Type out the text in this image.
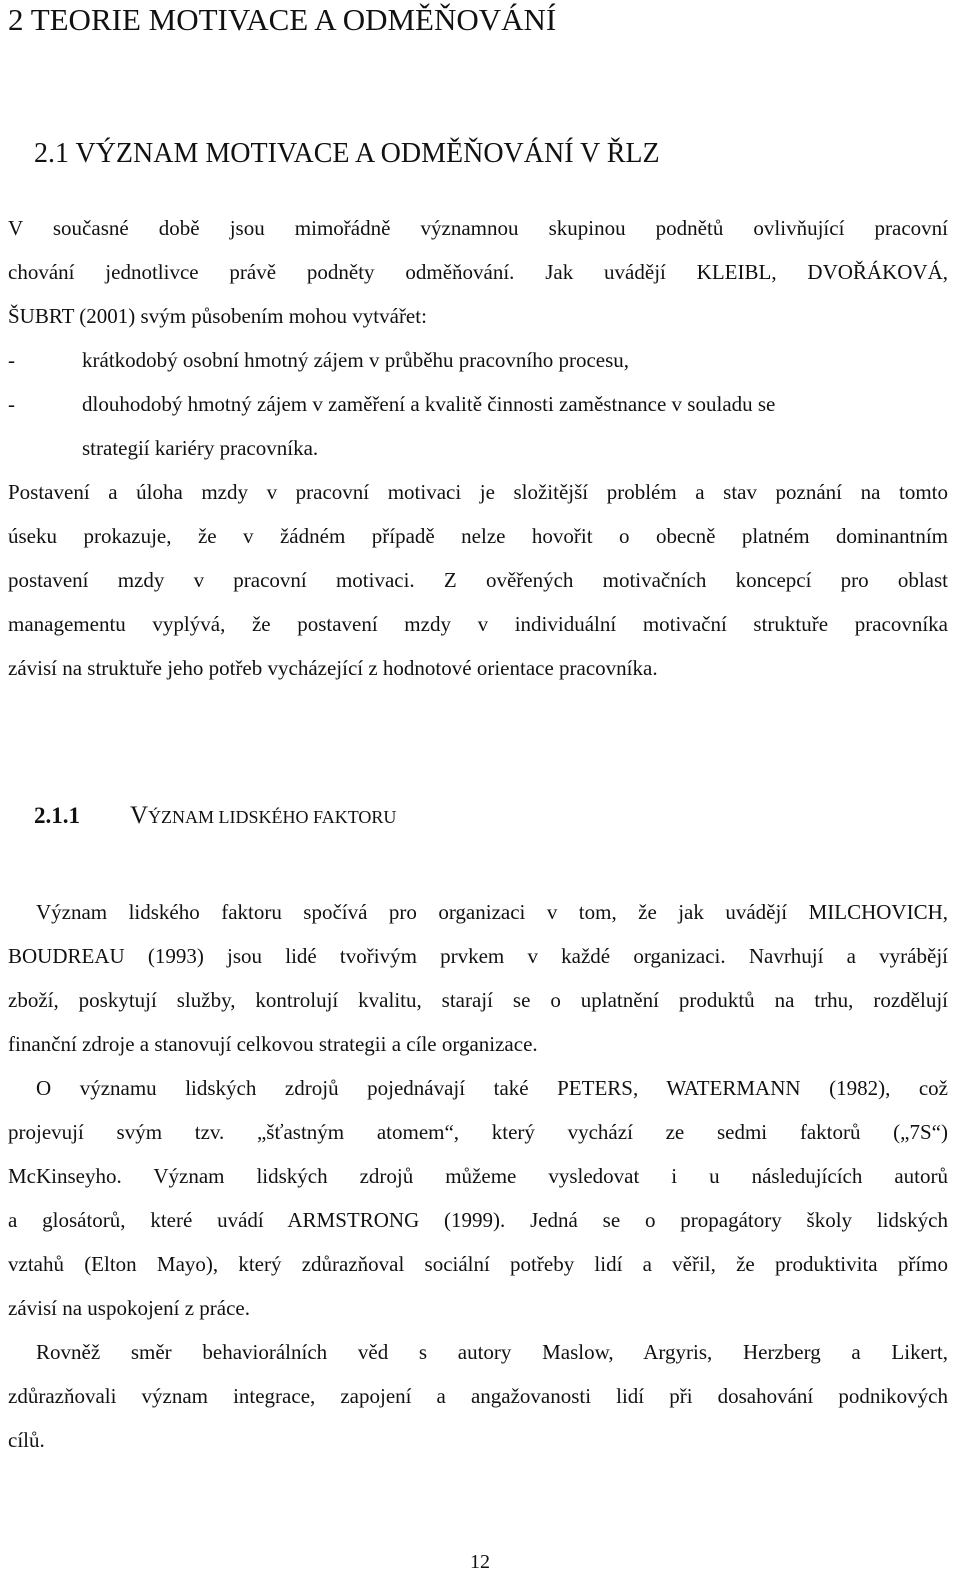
2 TEORIE MOTIVACE A ODMĚŇOVÁNÍ
2.1 VÝZNAM MOTIVACE A ODMĚŇOVÁNÍ V ŘLZ
V současné době jsou mimořádně významnou skupinou podnětů ovlivňující pracovní
chování jednotlivce právě podněty odměňování. Jak uvádějí KLEIBL, DVOŘÁKOVÁ,
ŠUBRT (2001) svým působením mohou vytvářet:
-	krátkodobý osobní hmotný zájem v průběhu pracovního procesu,
-	dlouhodobý hmotný zájem v zaměření a kvalitě činnosti zaměstnance v souladu se
strategií kariéry pracovníka.
Postavení a úloha mzdy v pracovní motivaci je složitější problém a stav poznání na tomto
úseku prokazuje, že v žádném případě nelze hovořit o obecně platném dominantním
postavení mzdy v pracovní motivaci. Z ověřených motivačních koncepcí pro oblast
managementu vyplývá, že postavení mzdy v individuální motivační struktuře pracovníka
závisí na struktuře jeho potřeb vycházející z hodnotové orientace pracovníka.
2.1.1 VÝZNAM LIDSKÉHO FAKTORU
Význam lidského faktoru spočívá pro organizaci v tom, že jak uvádějí MILCHOVICH,
BOUDREAU (1993) jsou lidé tvořivým prvkem v každé organizaci. Navrhují a vyrábějí
zboží, poskytují služby, kontrolují kvalitu, starají se o uplatnění produktů na trhu, rozdělují
finanční zdroje a stanovují celkovou strategii a cíle organizace.
O významu lidských zdrojů pojednávají také PETERS, WATERMANN (1982), což
projevují svým tzv. „šťastným atomem“, který vychází ze sedmi faktorů („7S“)
McKinseyho. Význam lidských zdrojů můžeme vysledovat i u následujících autorů
a glosátorů, které uvádí ARMSTRONG (1999). Jedná se o propagátory školy lidských
vztahů (Elton Mayo), který zdůrazňoval sociální potřeby lidí a věřil, že produktivita přímo
závisí na uspokojení z práce.
Rovněž směr behaviorálních věd s autory Maslow, Argyris, Herzberg a Likert,
zdůrazňovali význam integrace, zapojení a angažovanosti lidí při dosahování podnikových
cílů.
12
